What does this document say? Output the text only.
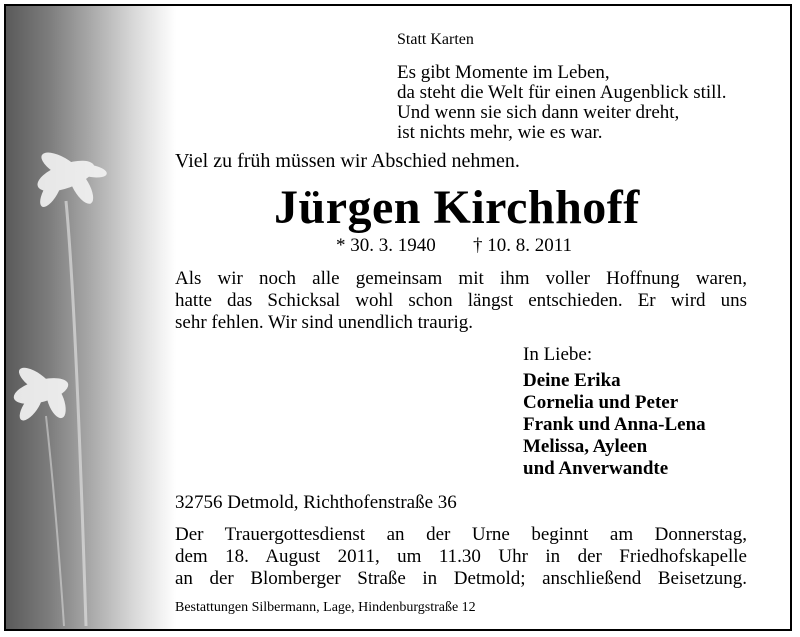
Statt Karten
Es gibt Momente im Leben,
da steht die Welt für einen Augenblick still.
Und wenn sie sich dann weiter dreht,
ist nichts mehr, wie es war.
Viel zu früh müssen wir Abschied nehmen.
Jürgen Kirchhoff
* 30. 3. 1940 † 10. 8. 2011
Als wir noch alle gemeinsam mit ihm voller Hoffnung waren,
hatte das Schicksal wohl schon längst entschieden. Er wird uns
sehr fehlen. Wir sind unendlich traurig.
In Liebe:
Deine Erika
Cornelia und Peter
Frank und Anna-Lena
Melissa, Ayleen
und Anverwandte
32756 Detmold, Richthofenstraße 36
Der Trauergottesdienst an der Urne beginnt am Donnerstag,
dem 18. August 2011, um 11.30 Uhr in der Friedhofskapelle
an der Blomberger Straße in Detmold; anschließend Beisetzung.
Bestattungen Silbermann, Lage, Hindenburgstraße 12
